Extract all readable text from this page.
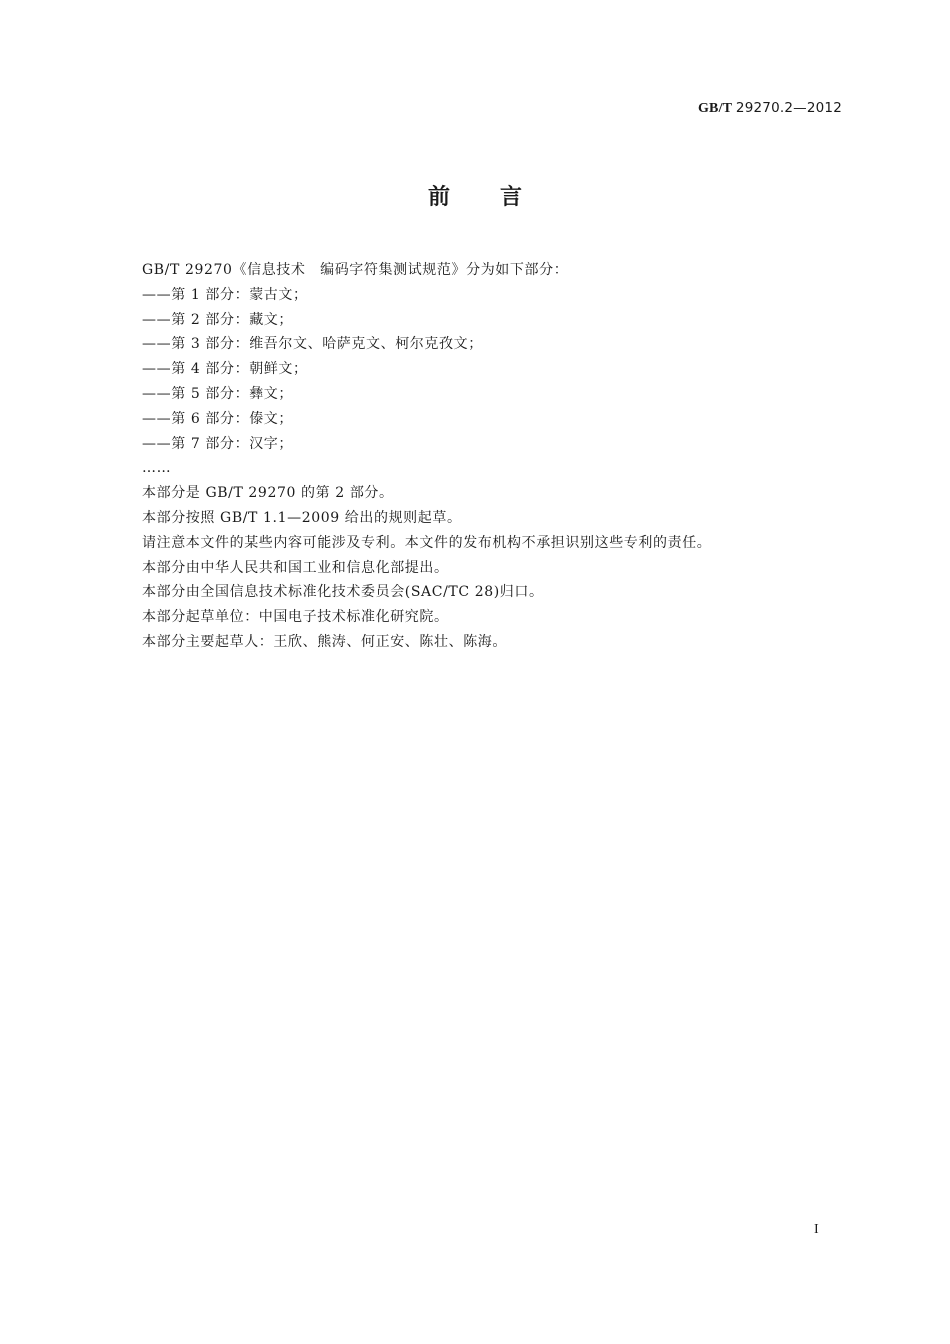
GB/T 29270.2—2012
前言
GB/T 29270《信息技术　编码字符集测试规范》分为如下部分：
——第 1 部分：蒙古文；
——第 2 部分：藏文；
——第 3 部分：维吾尔文、哈萨克文、柯尔克孜文；
——第 4 部分：朝鲜文；
——第 5 部分：彝文；
——第 6 部分：傣文；
——第 7 部分：汉字；
……
本部分是 GB/T 29270 的第 2 部分。
本部分按照 GB/T 1.1—2009 给出的规则起草。
请注意本文件的某些内容可能涉及专利。本文件的发布机构不承担识别这些专利的责任。
本部分由中华人民共和国工业和信息化部提出。
本部分由全国信息技术标准化技术委员会(SAC/TC 28)归口。
本部分起草单位：中国电子技术标准化研究院。
本部分主要起草人：王欣、熊涛、何正安、陈壮、陈海。
I
